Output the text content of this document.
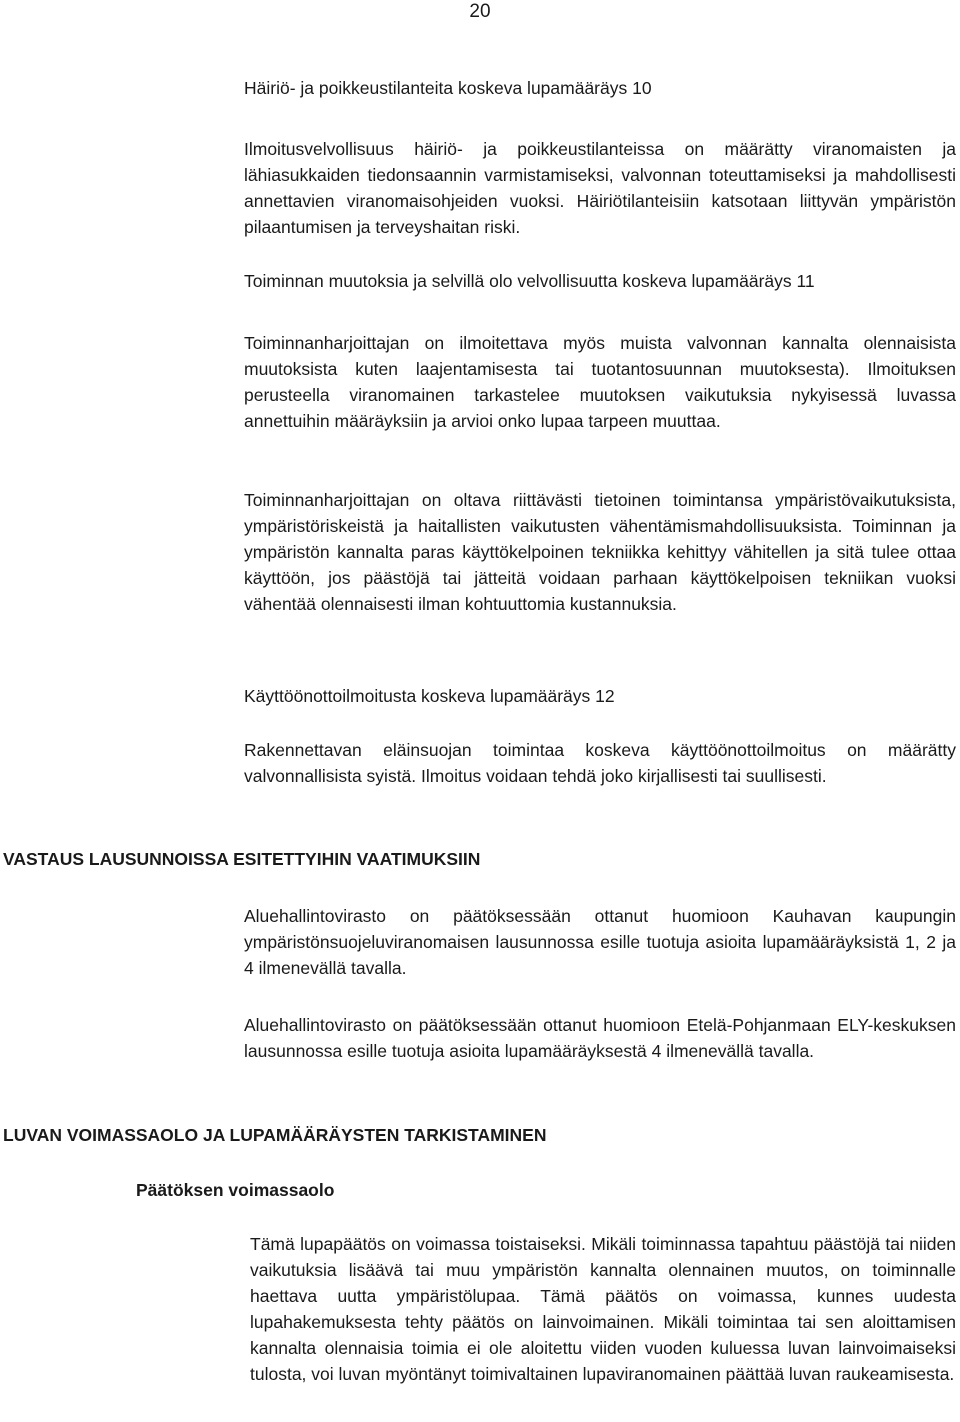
20

Häiriö- ja poikkeustilanteita koskeva lupamääräys 10

Ilmoitusvelvollisuus häiriö- ja poikkeustilanteissa on määrätty viranomaisten ja lähiasukkaiden tiedonsaannin varmistamiseksi, valvonnan toteuttamiseksi ja mahdollisesti annettavien viranomaisohjeiden vuoksi. Häiriötilanteisiin katsotaan liittyvän ympäristön pilaantumisen ja terveyshaitan riski.

Toiminnan muutoksia ja selvillä olo velvollisuutta koskeva lupamääräys 11

Toiminnanharjoittajan on ilmoitettava myös muista valvonnan kannalta olennaisista muutoksista kuten laajentamisesta tai tuotantosuunnan muutoksesta). Ilmoituksen perusteella viranomainen tarkastelee muutoksen vaikutuksia nykyisessä luvassa annettuihin määräyksiin ja arvioi onko lupaa tarpeen muuttaa.

Toiminnanharjoittajan on oltava riittävästi tietoinen toimintansa ympäristövaikutuksista, ympäristöriskeistä ja haitallisten vaikutusten vähentämismahdollisuuksista. Toiminnan ja ympäristön kannalta paras käyttökelpoinen tekniikka kehittyy vähitellen ja sitä tulee ottaa käyttöön, jos päästöjä tai jätteitä voidaan parhaan käyttökelpoisen tekniikan vuoksi vähentää olennaisesti ilman kohtuuttomia kustannuksia.

Käyttöönottoilmoitusta koskeva lupamääräys 12

Rakennettavan eläinsuojan toimintaa koskeva käyttöönottoilmoitus on määrätty valvonnallisista syistä. Ilmoitus voidaan tehdä joko kirjallisesti tai suullisesti.

VASTAUS LAUSUNNOISSA ESITETTYIHIN VAATIMUKSIIN

Aluehallintovirasto on päätöksessään ottanut huomioon Kauhavan kaupungin ympäristönsuojeluviranomaisen lausunnossa esille tuotuja asioita lupamääräyksistä 1, 2 ja 4 ilmenevällä tavalla.

Aluehallintovirasto on päätöksessään ottanut huomioon Etelä-Pohjanmaan ELY-keskuksen lausunnossa esille tuotuja asioita lupamääräyksestä 4 ilmenevällä tavalla.

LUVAN VOIMASSAOLO JA LUPAMÄÄRÄYSTEN TARKISTAMINEN

Päätöksen voimassaolo

Tämä lupapäätös on voimassa toistaiseksi. Mikäli toiminnassa tapahtuu päästöjä tai niiden vaikutuksia lisäävä tai muu ympäristön kannalta olennainen muutos, on toiminnalle haettava uutta ympäristölupaa. Tämä päätös on voimassa, kunnes uudesta lupahakemuksesta tehty päätös on lainvoimainen. Mikäli toimintaa tai sen aloittamisen kannalta olennaisia toimia ei ole aloitettu viiden vuoden kuluessa luvan lainvoimaiseksi tulosta, voi luvan myöntänyt toimivaltainen lupaviranomainen päättää luvan raukeamisesta.
